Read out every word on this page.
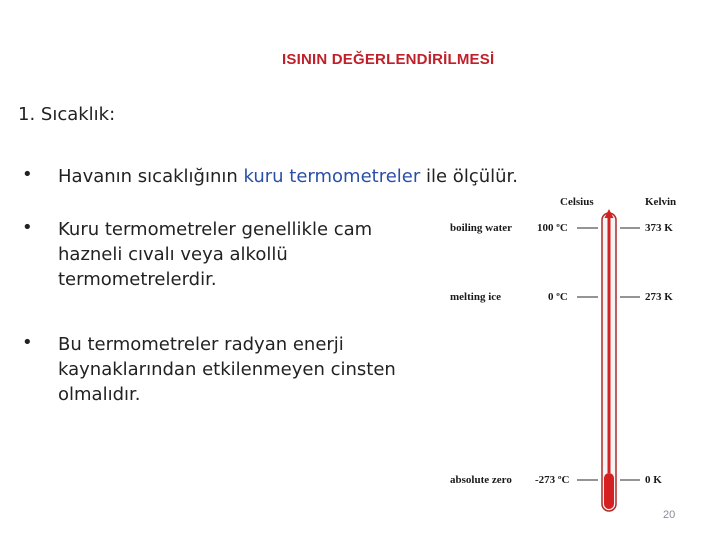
ISININ DEĞERLENDİRİLMESİ
1. Sıcaklık:
• Havanın sıcaklığının kuru termometreler ile ölçülür.
• Kuru termometreler genellikle cam hazneli cıvalı veya alkollü termometrelerdir.
• Bu termometreler radyan enerji kaynaklarından etkilenmeyen cinsten olmalıdır.
Celsius	Kelvin
boiling water 100 ºC	373 K
melting ice	0 ºC	273 K
absolute zero -273 ºC	0 K
20
